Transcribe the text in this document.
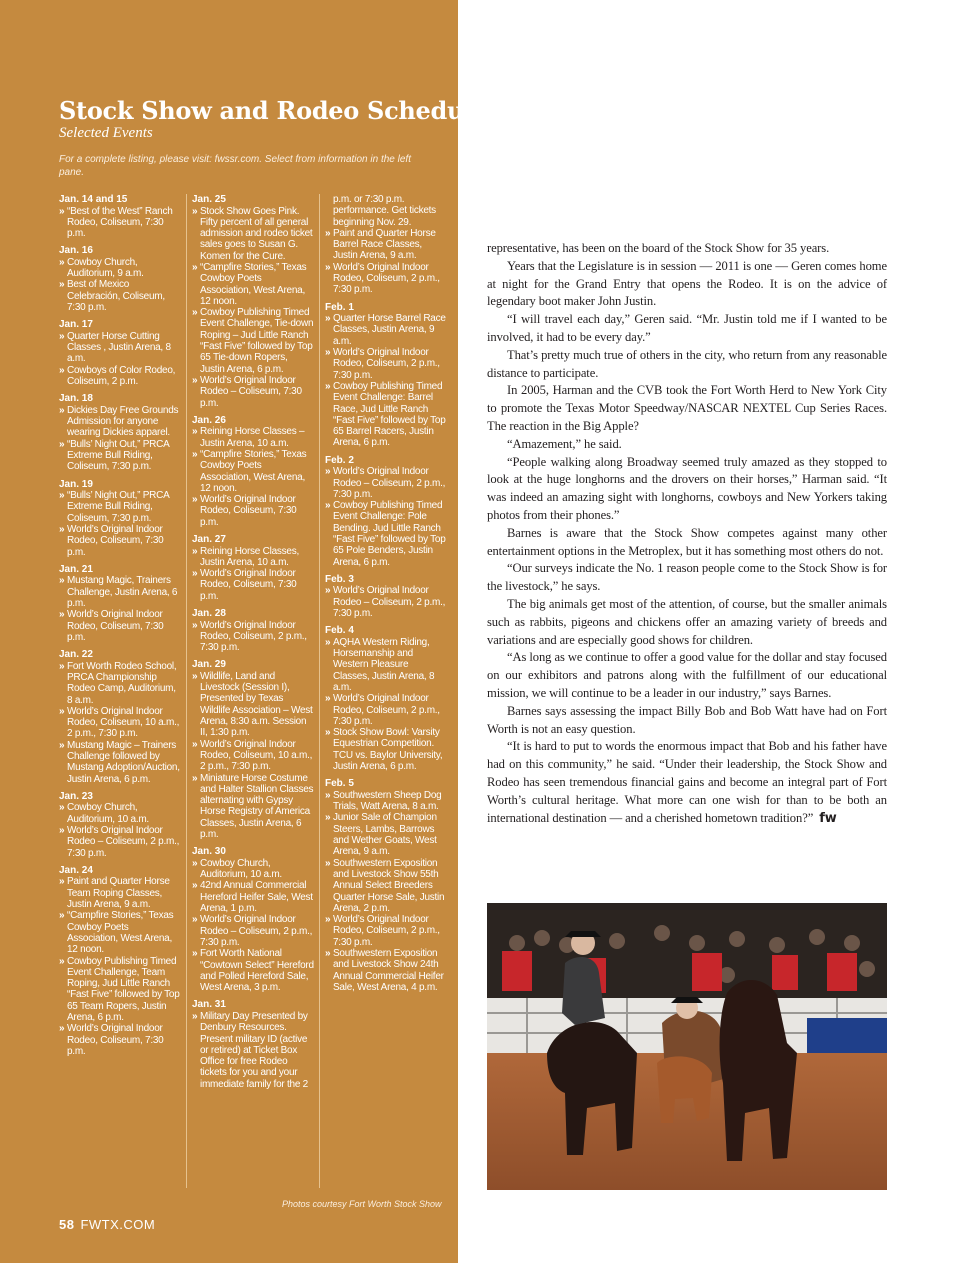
Stock Show and Rodeo Schedule
Selected Events

For a complete listing, please visit: fwssr.com. Select from information in the left pane.

Jan. 14 and 15
» “Best of the West” Ranch Rodeo, Coliseum, 7:30 p.m.
Jan. 16
» Cowboy Church, Auditorium, 9 a.m.
» Best of Mexico Celebración, Coliseum, 7:30 p.m.
Jan. 17
» Quarter Horse Cutting Classes , Justin Arena, 8 a.m.
» Cowboys of Color Rodeo, Coliseum, 2 p.m.
Jan. 18
» Dickies Day Free Grounds Admission for anyone wearing Dickies apparel.
» “Bulls’ Night Out,” PRCA Extreme Bull Riding, Coliseum, 7:30 p.m.
Jan. 19
» “Bulls’ Night Out,” PRCA Extreme Bull Riding, Coliseum, 7:30 p.m.
» World’s Original Indoor Rodeo, Coliseum, 7:30 p.m.
Jan. 21
» Mustang Magic, Trainers Challenge, Justin Arena, 6 p.m.
» World’s Original Indoor Rodeo, Coliseum, 7:30 p.m.
Jan. 22
» Fort Worth Rodeo School, PRCA Championship Rodeo Camp, Auditorium, 8 a.m.
» World’s Original Indoor Rodeo, Coliseum, 10 a.m., 2 p.m., 7:30 p.m.
» Mustang Magic – Trainers Challenge followed by Mustang Adoption/Auction, Justin Arena, 6 p.m.
Jan. 23
» Cowboy Church, Auditorium, 10 a.m.
» World’s Original Indoor Rodeo – Coliseum, 2 p.m., 7:30 p.m.
Jan. 24
» Paint and Quarter Horse Team Roping Classes, Justin Arena, 9 a.m.
» “Campfire Stories,” Texas Cowboy Poets Association, West Arena, 12 noon.
» Cowboy Publishing Timed Event Challenge, Team Roping, Jud Little Ranch “Fast Five” followed by Top 65 Team Ropers, Justin Arena, 6 p.m.
» World’s Original Indoor Rodeo, Coliseum, 7:30 p.m.
Jan. 25
» Stock Show Goes Pink. Fifty percent of all general admission and rodeo ticket sales goes to Susan G. Komen for the Cure.
» “Campfire Stories,” Texas Cowboy Poets Association, West Arena, 12 noon.
» Cowboy Publishing Timed Event Challenge, Tie-down Roping – Jud Little Ranch “Fast Five” followed by Top 65 Tie-down Ropers, Justin Arena, 6 p.m.
» World’s Original Indoor Rodeo – Coliseum, 7:30 p.m.
Jan. 26
» Reining Horse Classes – Justin Arena, 10 a.m.
» “Campfire Stories,” Texas Cowboy Poets Association, West Arena, 12 noon.
» World’s Original Indoor Rodeo, Coliseum, 7:30 p.m.
Jan. 27
» Reining Horse Classes, Justin Arena, 10 a.m.
» World’s Original Indoor Rodeo, Coliseum, 7:30 p.m.
Jan. 28
» World’s Original Indoor Rodeo, Coliseum, 2 p.m., 7:30 p.m.
Jan. 29
» Wildlife, Land and Livestock (Session I), Presented by Texas Wildlife Association – West Arena, 8:30 a.m. Session II, 1:30 p.m.
» World’s Original Indoor Rodeo, Coliseum, 10 a.m., 2 p.m., 7:30 p.m.
» Miniature Horse Costume and Halter Stallion Classes alternating with Gypsy Horse Registry of America Classes, Justin Arena, 6 p.m.
Jan. 30
» Cowboy Church, Auditorium, 10 a.m.
» 42nd Annual Commercial Hereford Heifer Sale, West Arena, 1 p.m.
» World’s Original Indoor Rodeo – Coliseum, 2 p.m., 7:30 p.m.
» Fort Worth National “Cowtown Select” Hereford and Polled Hereford Sale, West Arena, 3 p.m.
Jan. 31
» Military Day Presented by Denbury Resources. Present military ID (active or retired) at Ticket Box Office for free Rodeo tickets for you and your immediate family for the 2
p.m. or 7:30 p.m. performance. Get tickets beginning Nov. 29.
» Paint and Quarter Horse Barrel Race Classes, Justin Arena, 9 a.m.
» World’s Original Indoor Rodeo, Coliseum, 2 p.m., 7:30 p.m.
Feb. 1
» Quarter Horse Barrel Race Classes, Justin Arena, 9 a.m.
» World’s Original Indoor Rodeo, Coliseum, 2 p.m., 7:30 p.m.
» Cowboy Publishing Timed Event Challenge: Barrel Race, Jud Little Ranch “Fast Five” followed by Top 65 Barrel Racers, Justin Arena, 6 p.m.
Feb. 2
» World’s Original Indoor Rodeo – Coliseum, 2 p.m., 7:30 p.m.
» Cowboy Publishing Timed Event Challenge: Pole Bending. Jud Little Ranch “Fast Five” followed by Top 65 Pole Benders, Justin Arena, 6 p.m.
Feb. 3
» World’s Original Indoor Rodeo – Coliseum, 2 p.m., 7:30 p.m.
Feb. 4
» AQHA Western Riding, Horsemanship and Western Pleasure Classes, Justin Arena, 8 a.m.
» World’s Original Indoor Rodeo, Coliseum, 2 p.m., 7:30 p.m.
» Stock Show Bowl: Varsity Equestrian Competition. TCU vs. Baylor University, Justin Arena, 6 p.m.
Feb. 5
» Southwestern Sheep Dog Trials, Watt Arena, 8 a.m.
» Junior Sale of Champion Steers, Lambs, Barrows and Wether Goats, West Arena, 9 a.m.
» Southwestern Exposition and Livestock Show 55th Annual Select Breeders Quarter Horse Sale, Justin Arena, 2 p.m.
» World’s Original Indoor Rodeo, Coliseum, 2 p.m., 7:30 p.m.
» Southwestern Exposition and Livestock Show 24th Annual Commercial Heifer Sale, West Arena, 4 p.m.
Photos courtesy Fort Worth Stock Show
58 FWTX.COM

representative, has been on the board of the Stock Show for 35 years.

Years that the Legislature is in session — 2011 is one — Geren comes home at night for the Grand Entry that opens the Rodeo. It is on the advice of legendary boot maker John Justin.

“I will travel each day,” Geren said. “Mr. Justin told me if I wanted to be involved, it had to be every day.”

That’s pretty much true of others in the city, who return from any reasonable distance to participate.

In 2005, Harman and the CVB took the Fort Worth Herd to New York City to promote the Texas Motor Speedway/NASCAR NEXTEL Cup Series Races. The reaction in the Big Apple?

“Amazement,” he said.

“People walking along Broadway seemed truly amazed as they stopped to look at the huge longhorns and the drovers on their horses,” Harman said. “It was indeed an amazing sight with longhorns, cowboys and New Yorkers taking photos from their phones.”

Barnes is aware that the Stock Show competes against many other entertainment options in the Metroplex, but it has something most others do not.

“Our surveys indicate the No. 1 reason people come to the Stock Show is for the livestock,” he says.

The big animals get most of the attention, of course, but the smaller animals such as rabbits, pigeons and chickens offer an amazing variety of breeds and variations and are especially good shows for children.

“As long as we continue to offer a good value for the dollar and stay focused on our exhibitors and patrons along with the fulfillment of our educational mission, we will continue to be a leader in our industry,” says Barnes.

Barnes says assessing the impact Billy Bob and Bob Watt have had on Fort Worth is not an easy question.

“It is hard to put to words the enormous impact that Bob and his father have had on this community,” he said. “Under their leadership, the Stock Show and Rodeo has seen tremendous financial gains and become an integral part of Fort Worth’s cultural heritage. What more can one wish for than to be both an international destination — and a cherished hometown tradition?” fw
